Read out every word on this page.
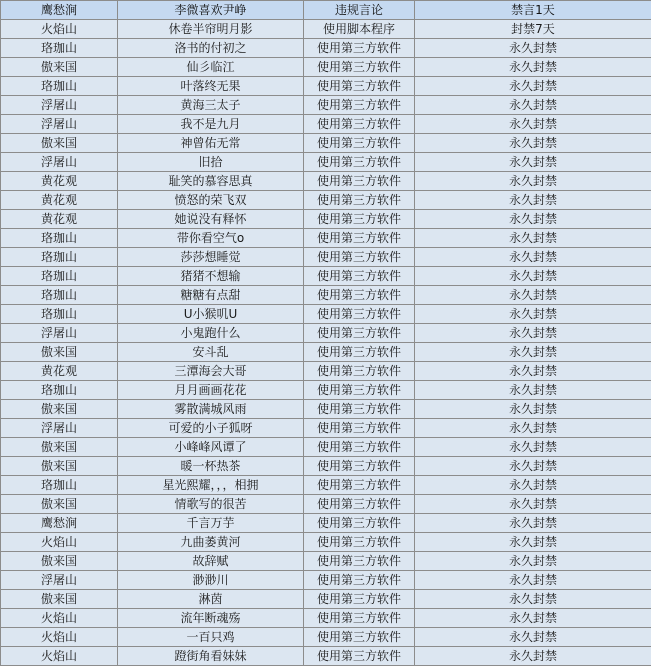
鹰愁涧	李微喜欢尹峥	违规言论	禁言1天
火焰山	休卷半帘明月影	使用脚本程序	封禁7天
珞珈山	洛书的付初之	使用第三方软件	永久封禁
傲来国	仙彡临江	使用第三方软件	永久封禁
珞珈山	叶落终无果	使用第三方软件	永久封禁
浮屠山	黄海三太子	使用第三方软件	永久封禁
浮屠山	我不是九月	使用第三方软件	永久封禁
傲来国	神曾佑无常	使用第三方软件	永久封禁
浮屠山	旧拾	使用第三方软件	永久封禁
黄花观	耻笑的慕容思真	使用第三方软件	永久封禁
黄花观	愤怒的荣飞双	使用第三方软件	永久封禁
黄花观	她说没有释怀	使用第三方软件	永久封禁
珞珈山	带你看空气o	使用第三方软件	永久封禁
珞珈山	莎莎想睡觉	使用第三方软件	永久封禁
珞珈山	猪猪不想输	使用第三方软件	永久封禁
珞珈山	糖糖有点甜	使用第三方软件	永久封禁
珞珈山	U小猴叽U	使用第三方软件	永久封禁
浮屠山	小鬼跑什么	使用第三方软件	永久封禁
傲来国	安斗乱	使用第三方软件	永久封禁
黄花观	三潭海会大哥	使用第三方软件	永久封禁
珞珈山	月月画画花花	使用第三方软件	永久封禁
傲来国	雾散满城风雨	使用第三方软件	永久封禁
浮屠山	可爱的小子狐呀	使用第三方软件	永久封禁
傲来国	小峰峰风谭了	使用第三方软件	永久封禁
傲来国	暖一杯热茶	使用第三方软件	永久封禁
珞珈山	星光熙耀，，，相拥	使用第三方软件	永久封禁
傲来国	情歌写的很苦	使用第三方软件	永久封禁
鹰愁涧	千言万芋	使用第三方软件	永久封禁
火焰山	九曲萎黄河	使用第三方软件	永久封禁
傲来国	故辞赋	使用第三方软件	永久封禁
浮屠山	渺渺川	使用第三方软件	永久封禁
傲来国	淋茵	使用第三方软件	永久封禁
火焰山	流年断魂殇	使用第三方软件	永久封禁
火焰山	一百只鸡	使用第三方软件	永久封禁
火焰山	蹬街角看妹妹	使用第三方软件	永久封禁
